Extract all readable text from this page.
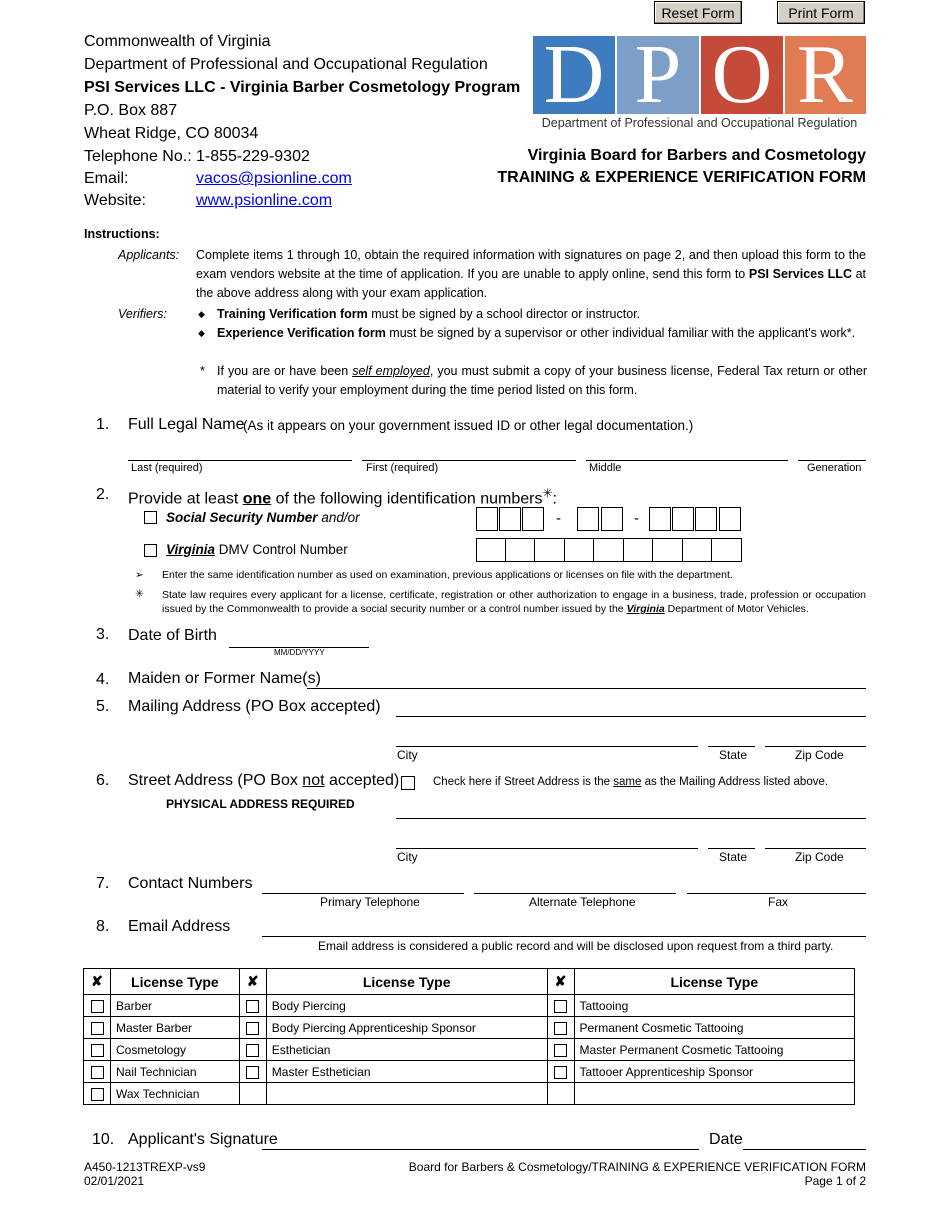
Reset Form	Print Form
Commonwealth of Virginia
Department of Professional and Occupational Regulation
PSI Services LLC - Virginia Barber Cosmetology Program
P.O. Box 887
Wheat Ridge, CO 80034
Telephone No.: 1-855-229-9302
Email:	vacos@psionline.com
Website:	www.psionline.com
D P O R
Department of Professional and Occupational Regulation
Virginia Board for Barbers and Cosmetology
TRAINING & EXPERIENCE VERIFICATION FORM
Instructions:
Applicants: Complete items 1 through 10, obtain the required information with signatures on page 2, and then upload this form to the exam vendors website at the time of application. If you are unable to apply online, send this form to PSI Services LLC at the above address along with your exam application.
Verifiers:	◆ Training Verification form must be signed by a school director or instructor.
◆ Experience Verification form must be signed by a supervisor or other individual familiar with the applicant's work*.
* If you are or have been self employed, you must submit a copy of your business license, Federal Tax return or other material to verify your employment during the time period listed on this form.
1. Full Legal Name
(As it appears on your government issued ID or other legal documentation.)
Last (required)	First (required)	Middle	Generation
2. Provide at least one of the following identification numbers✳:
Social Security Number and/or
Virginia DMV Control Number
-	-
➢ Enter the same identification number as used on examination, previous applications or licenses on file with the department.
✳ State law requires every applicant for a license, certificate, registration or other authorization to engage in a business, trade, profession or occupation issued by the Commonwealth to provide a social security number or a control number issued by the Virginia Department of Motor Vehicles.
3. Date of Birth
MM/DD/YYYY
4. Maiden or Former Name(s)
5. Mailing Address (PO Box accepted)
City	State	Zip Code
6. Street Address (PO Box not accepted)
PHYSICAL ADDRESS REQUIRED
Check here if Street Address is the same as the Mailing Address listed above.
City	State	Zip Code
7. Contact Numbers
Primary Telephone	Alternate Telephone	Fax
8. Email Address
Email address is considered a public record and will be disclosed upon request from a third party.
✘	License Type	✘	License Type	✘	License Type
	Barber		Body Piercing		Tattooing
	Master Barber		Body Piercing Apprenticeship Sponsor		Permanent Cosmetic Tattooing
	Cosmetology		Esthetician		Master Permanent Cosmetic Tattooing
	Nail Technician		Master Esthetician		Tattooer Apprenticeship Sponsor
	Wax Technician				
10. Applicant's Signature	Date
A450-1213TREXP-vs9
02/01/2021
Board for Barbers & Cosmetology/TRAINING & EXPERIENCE VERIFICATION FORM
Page 1 of 2
